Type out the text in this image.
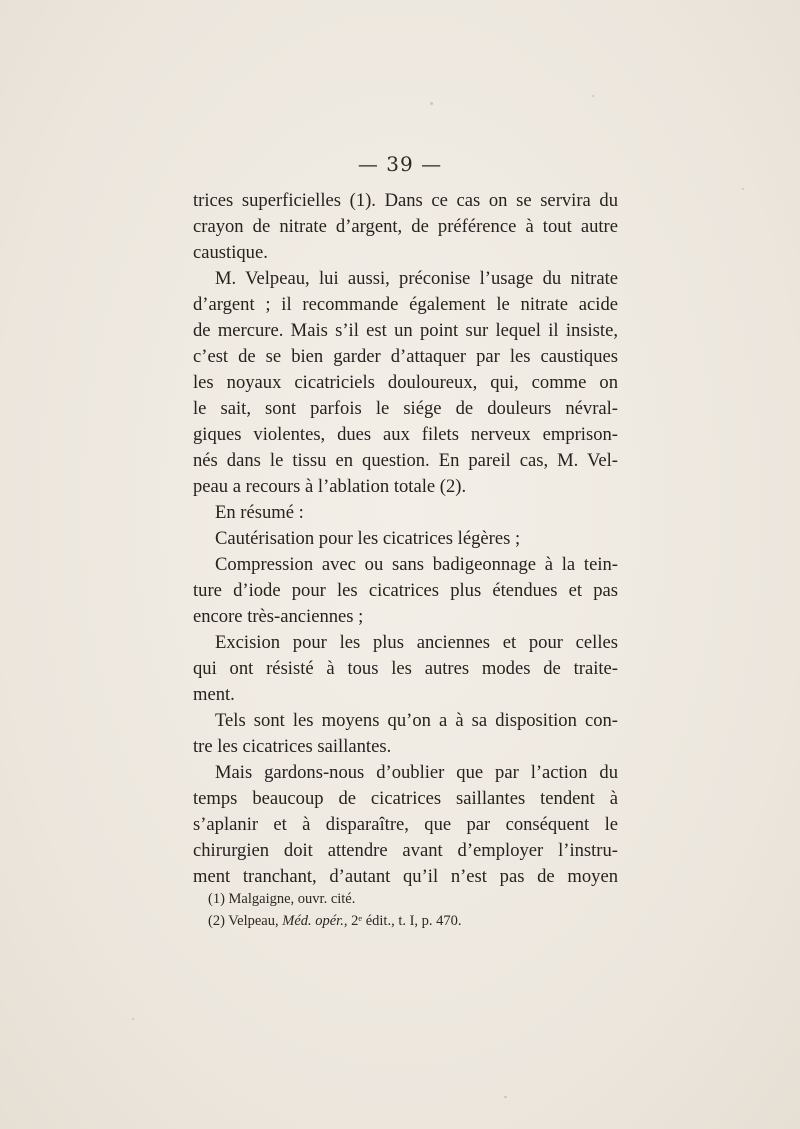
— 39 —
trices superficielles (1). Dans ce cas on se servira du
crayon de nitrate d’argent, de préférence à tout autre
caustique.
M. Velpeau, lui aussi, préconise l’usage du nitrate
d’argent ; il recommande également le nitrate acide
de mercure. Mais s’il est un point sur lequel il insiste,
c’est de se bien garder d’attaquer par les caustiques
les noyaux cicatriciels douloureux, qui, comme on
le sait, sont parfois le siége de douleurs névral-
giques violentes, dues aux filets nerveux emprison-
nés dans le tissu en question. En pareil cas, M. Vel-
peau a recours à l’ablation totale (2).
En résumé :
Cautérisation pour les cicatrices légères ;
Compression avec ou sans badigeonnage à la tein-
ture d’iode pour les cicatrices plus étendues et pas
encore très-anciennes ;
Excision pour les plus anciennes et pour celles
qui ont résisté à tous les autres modes de traite-
ment.
Tels sont les moyens qu’on a à sa disposition con-
tre les cicatrices saillantes.
Mais gardons-nous d’oublier que par l’action du
temps beaucoup de cicatrices saillantes tendent à
s’aplanir et à disparaître, que par conséquent le
chirurgien doit attendre avant d’employer l’instru-
ment tranchant, d’autant qu’il n’est pas de moyen
(1) Malgaigne, ouvr. cité.
(2) Velpeau, Méd. opér., 2ᵉ édit., t. I, p. 470.
